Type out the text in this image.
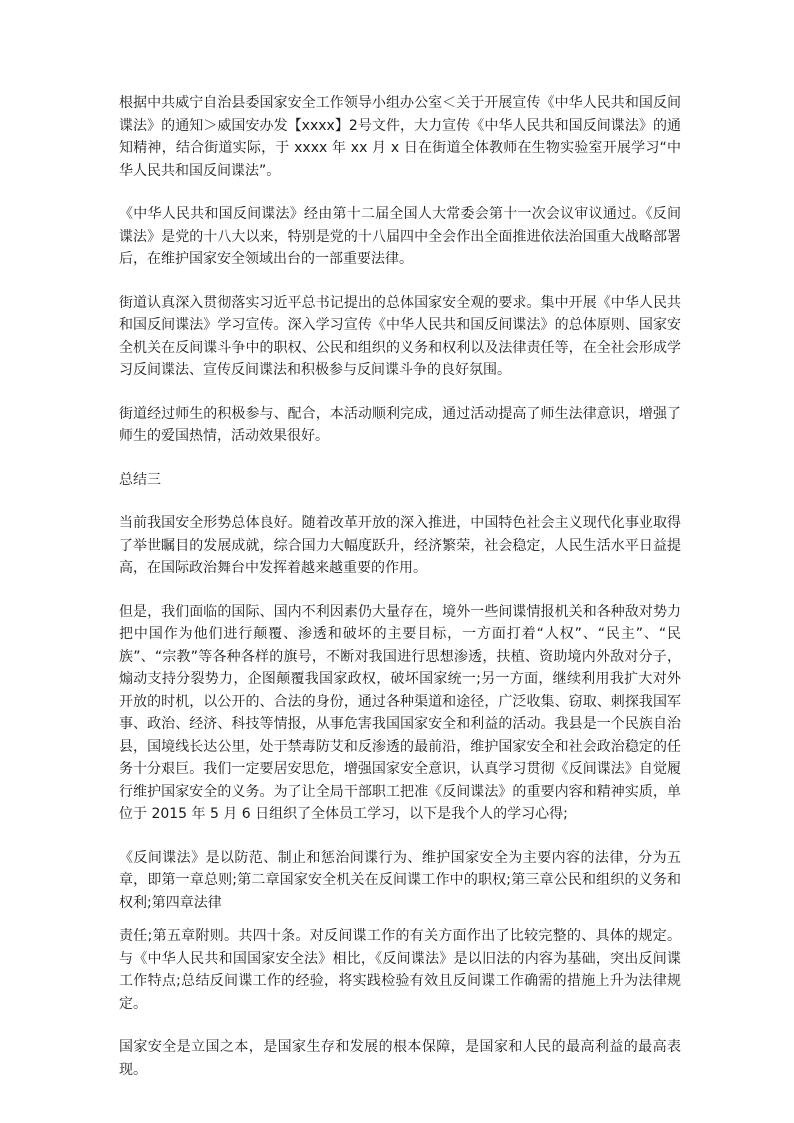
根据中共威宁自治县委国家安全工作领导小组办公室＜关于开展宣传《中华人民共和国反间谍法》的通知＞威国安办发【xxxx】2号文件，大力宣传《中华人民共和国反间谍法》的通知精神，结合街道实际，于 xxxx 年 xx 月 x 日在街道全体教师在生物实验室开展学习“中华人民共和国反间谍法”。

《中华人民共和国反间谍法》经由第十二届全国人大常委会第十一次会议审议通过。《反间谍法》是党的十八大以来，特别是党的十八届四中全会作出全面推进依法治国重大战略部署后，在维护国家安全领域出台的一部重要法律。

街道认真深入贯彻落实习近平总书记提出的总体国家安全观的要求。集中开展《中华人民共和国反间谍法》学习宣传。深入学习宣传《中华人民共和国反间谍法》的总体原则、国家安全机关在反间谍斗争中的职权、公民和组织的义务和权利以及法律责任等，在全社会形成学习反间谍法、宣传反间谍法和积极参与反间谍斗争的良好氛围。

街道经过师生的积极参与、配合，本活动顺利完成，通过活动提高了师生法律意识，增强了师生的爱国热情，活动效果很好。

总结三

当前我国安全形势总体良好。随着改革开放的深入推进，中国特色社会主义现代化事业取得了举世瞩目的发展成就，综合国力大幅度跃升，经济繁荣，社会稳定，人民生活水平日益提高，在国际政治舞台中发挥着越来越重要的作用。

但是，我们面临的国际、国内不利因素仍大量存在，境外一些间谍情报机关和各种敌对势力把中国作为他们进行颠覆、渗透和破坏的主要目标，一方面打着“人权”、“民主”、“民族”、“宗教”等各种各样的旗号，不断对我国进行思想渗透，扶植、资助境内外敌对分子，煽动支持分裂势力，企图颠覆我国家政权，破坏国家统一;另一方面，继续利用我扩大对外开放的时机，以公开的、合法的身份，通过各种渠道和途径，广泛收集、窃取、刺探我国军事、政治、经济、科技等情报，从事危害我国国家安全和利益的活动。我县是一个民族自治县，国境线长达公里，处于禁毒防艾和反渗透的最前沿，维护国家安全和社会政治稳定的任务十分艰巨。我们一定要居安思危，增强国家安全意识，认真学习贯彻《反间谍法》自觉履行维护国家安全的义务。为了让全局干部职工把准《反间谍法》的重要内容和精神实质，单位于 2015 年 5 月 6 日组织了全体员工学习，以下是我个人的学习心得;

《反间谍法》是以防范、制止和惩治间谍行为、维护国家安全为主要内容的法律，分为五章，即第一章总则;第二章国家安全机关在反间谍工作中的职权;第三章公民和组织的义务和权利;第四章法律

责任;第五章附则。共四十条。对反间谍工作的有关方面作出了比较完整的、具体的规定。与《中华人民共和国国家安全法》相比，《反间谍法》是以旧法的内容为基础，突出反间谍工作特点;总结反间谍工作的经验，将实践检验有效且反间谍工作确需的措施上升为法律规定。

国家安全是立国之本，是国家生存和发展的根本保障，是国家和人民的最高利益的最高表现。
